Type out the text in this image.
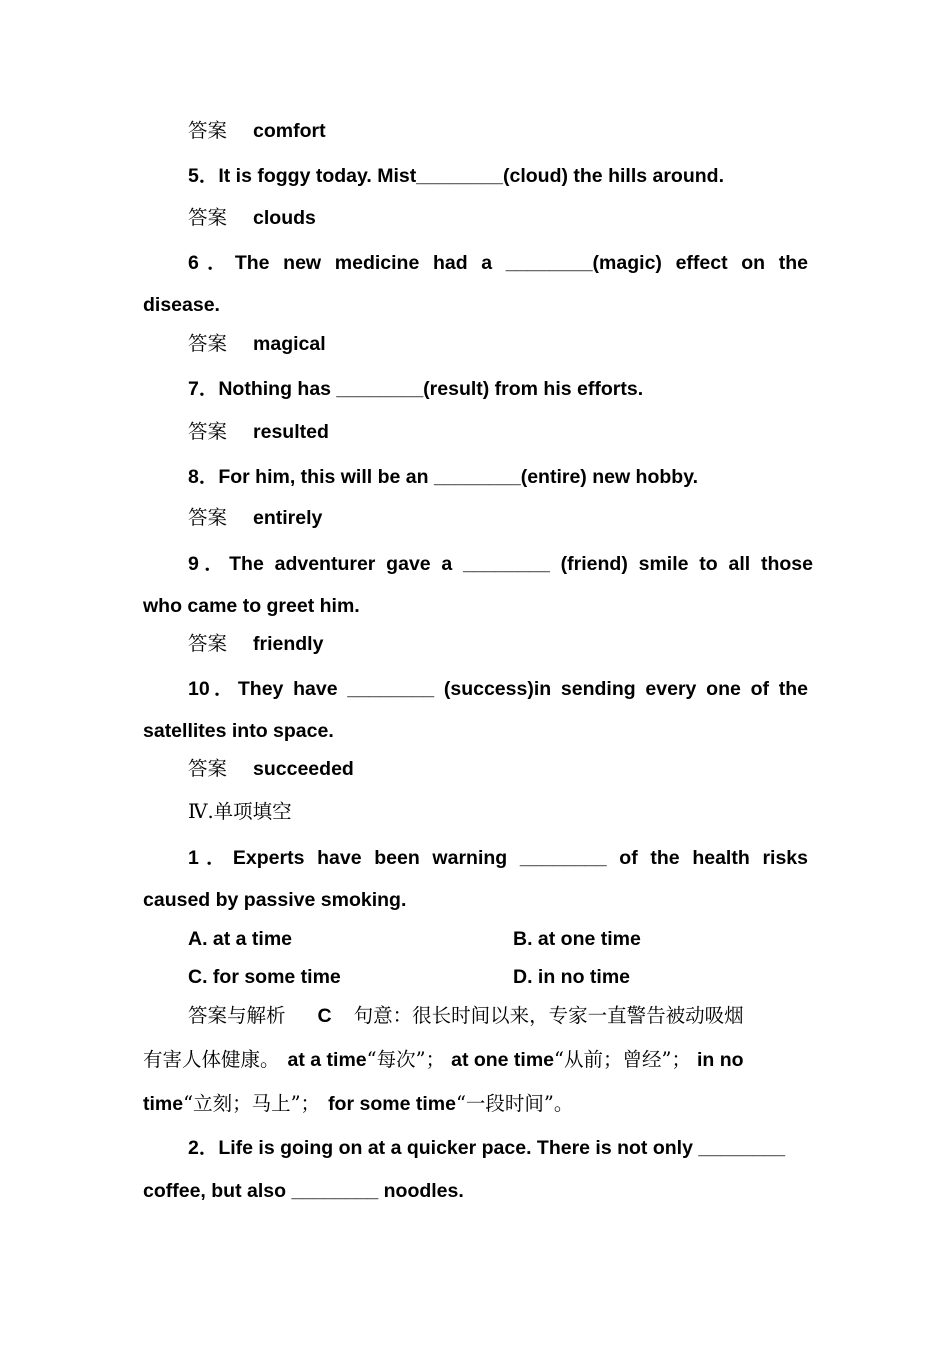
答案 comfort
5．It is foggy today. Mist________(cloud) the hills around.
答案 clouds
6．The new medicine had a ________(magic) effect on the
disease.
答案 magical
7．Nothing has ________(result) from his efforts.
答案 resulted
8．For him, this will be an ________(entire) new hobby.
答案 entirely
9．The adventurer gave a ________ (friend) smile to all those
who came to greet him.
答案 friendly
10．They have ________ (success)in sending every one of the
satellites into space.
答案 succeeded
Ⅳ.单项填空
1．Experts have been warning ________ of the health risks
caused by passive smoking.
A. at a time	B. at one time
C. for some time	D. in no time
答案与解析 C 句意：很长时间以来，专家一直警告被动吸烟
有害人体健康。 at a time“每次”； at one time“从前；曾经”； in no
time“立刻；马上”； for some time“一段时间”。
2．Life is going on at a quicker pace. There is not only ________
coffee, but also ________ noodles.
